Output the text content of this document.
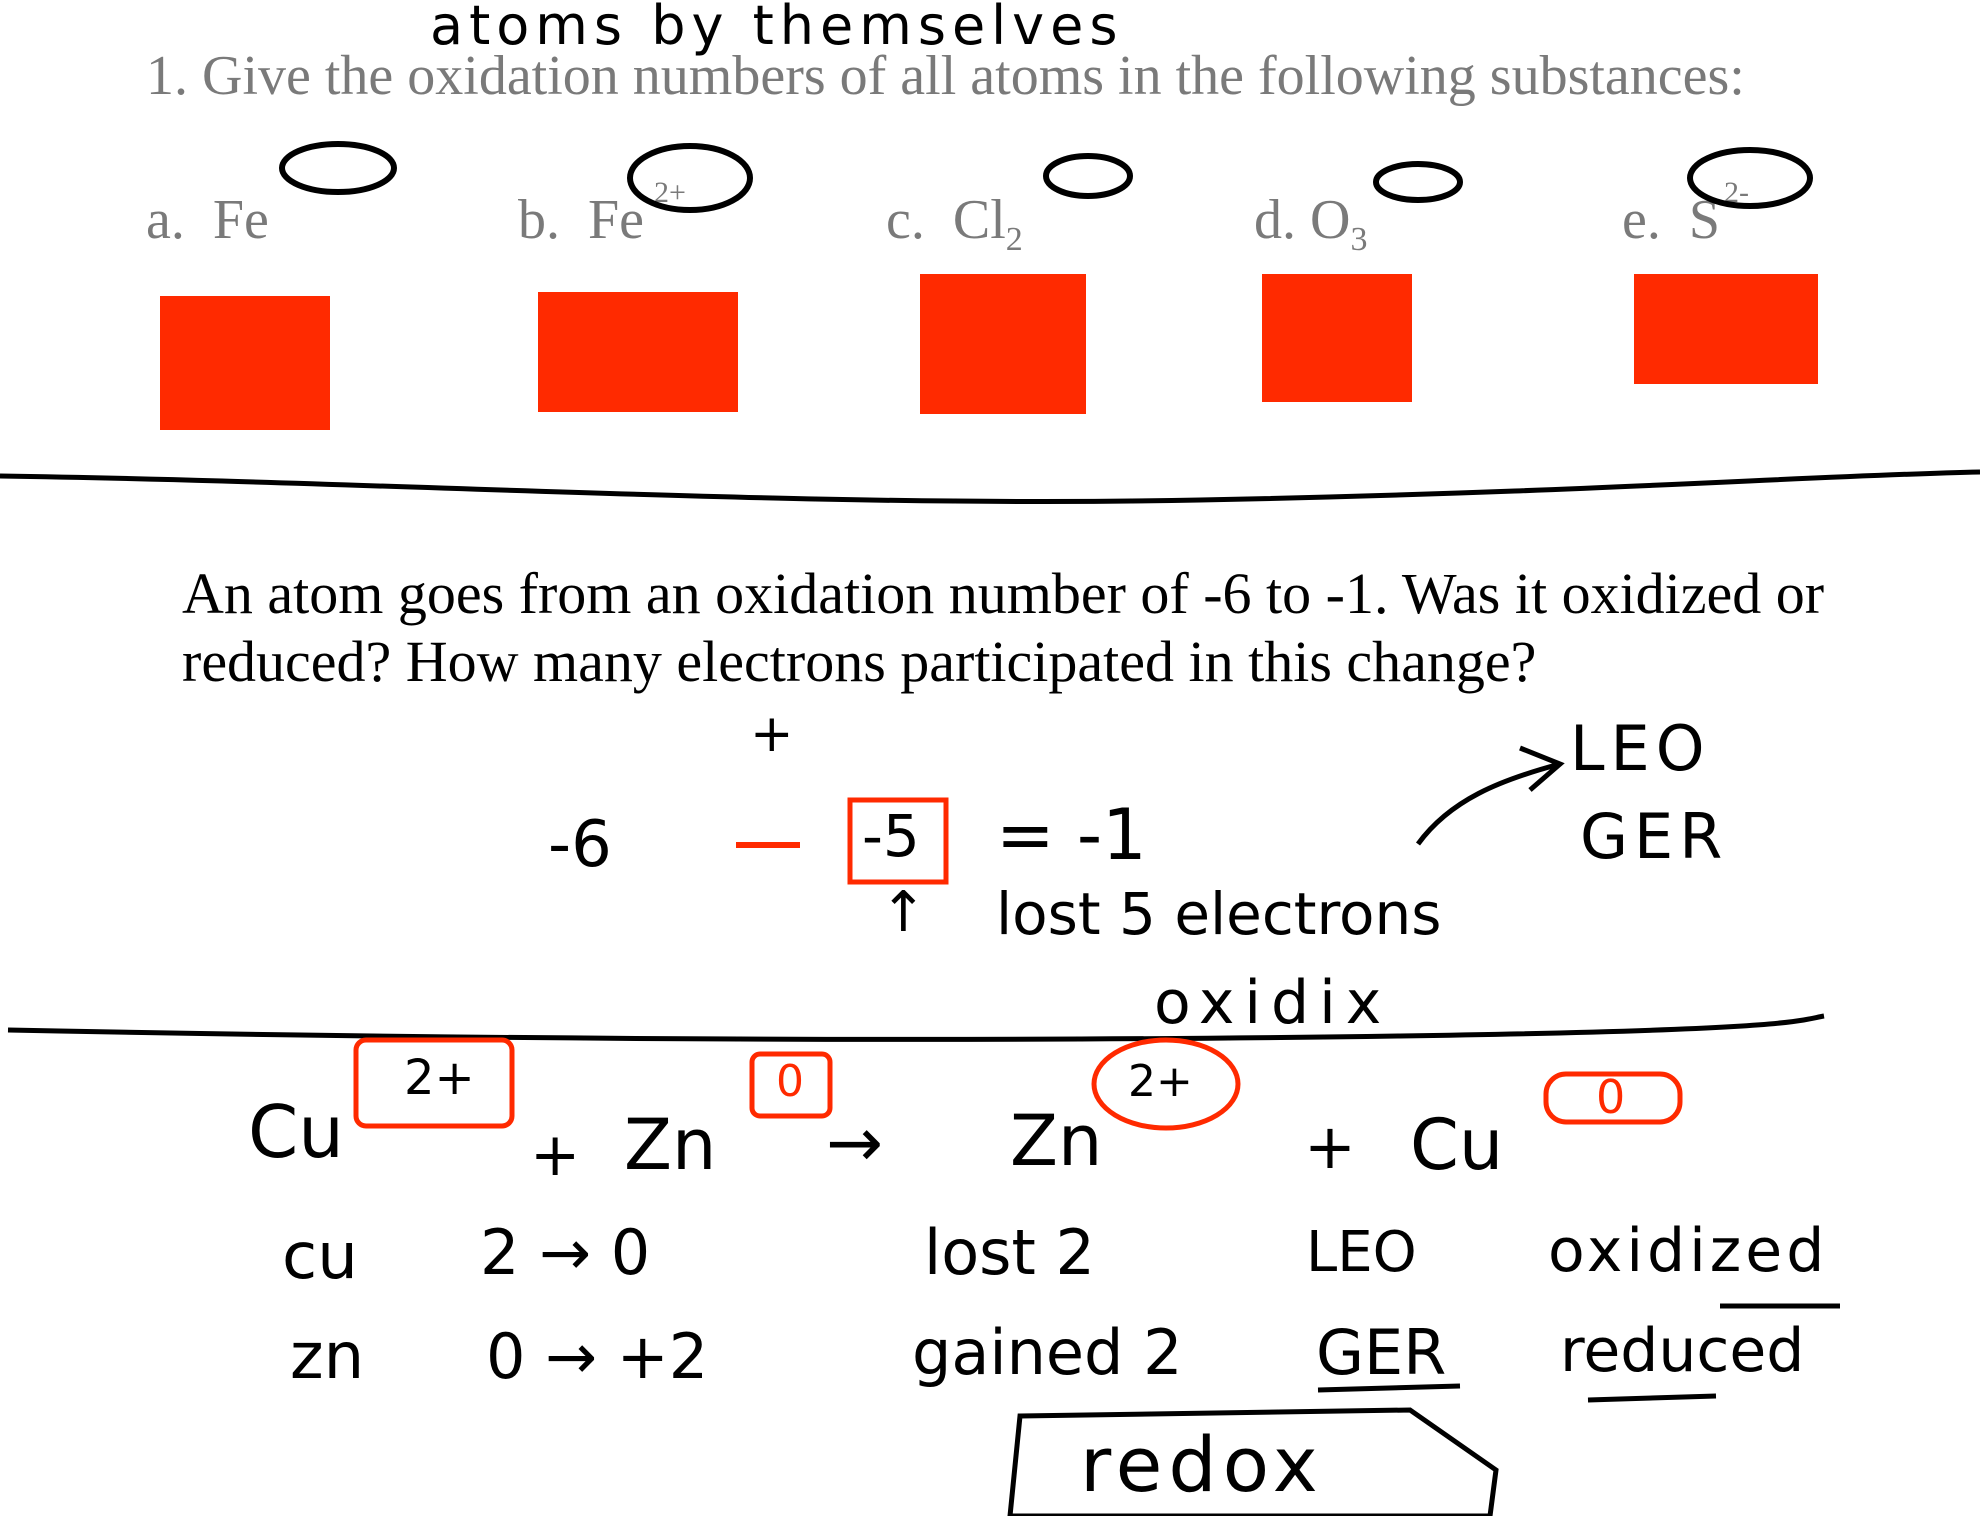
1. Give the oxidation numbers of all atoms in the following substances:
atoms by themselves
a. Fe	b. Fe 2+	c. $Cl_2$	d. $O_3$	e. S 2-
An atom goes from an oxidation number of -6 to -1. Was it oxidized or reduced? How many electrons participated in this change?
+
-6	-5 = -1
↑ lost 5 electrons
oxidix
LEO
GER
Cu
2+
+ Zn
0
→ Zn
2+
+ Cu
0
cu 2 → 0	lost 2	LEO oxidized
zn 0 → +2	gained 2 GER reduced
redox
